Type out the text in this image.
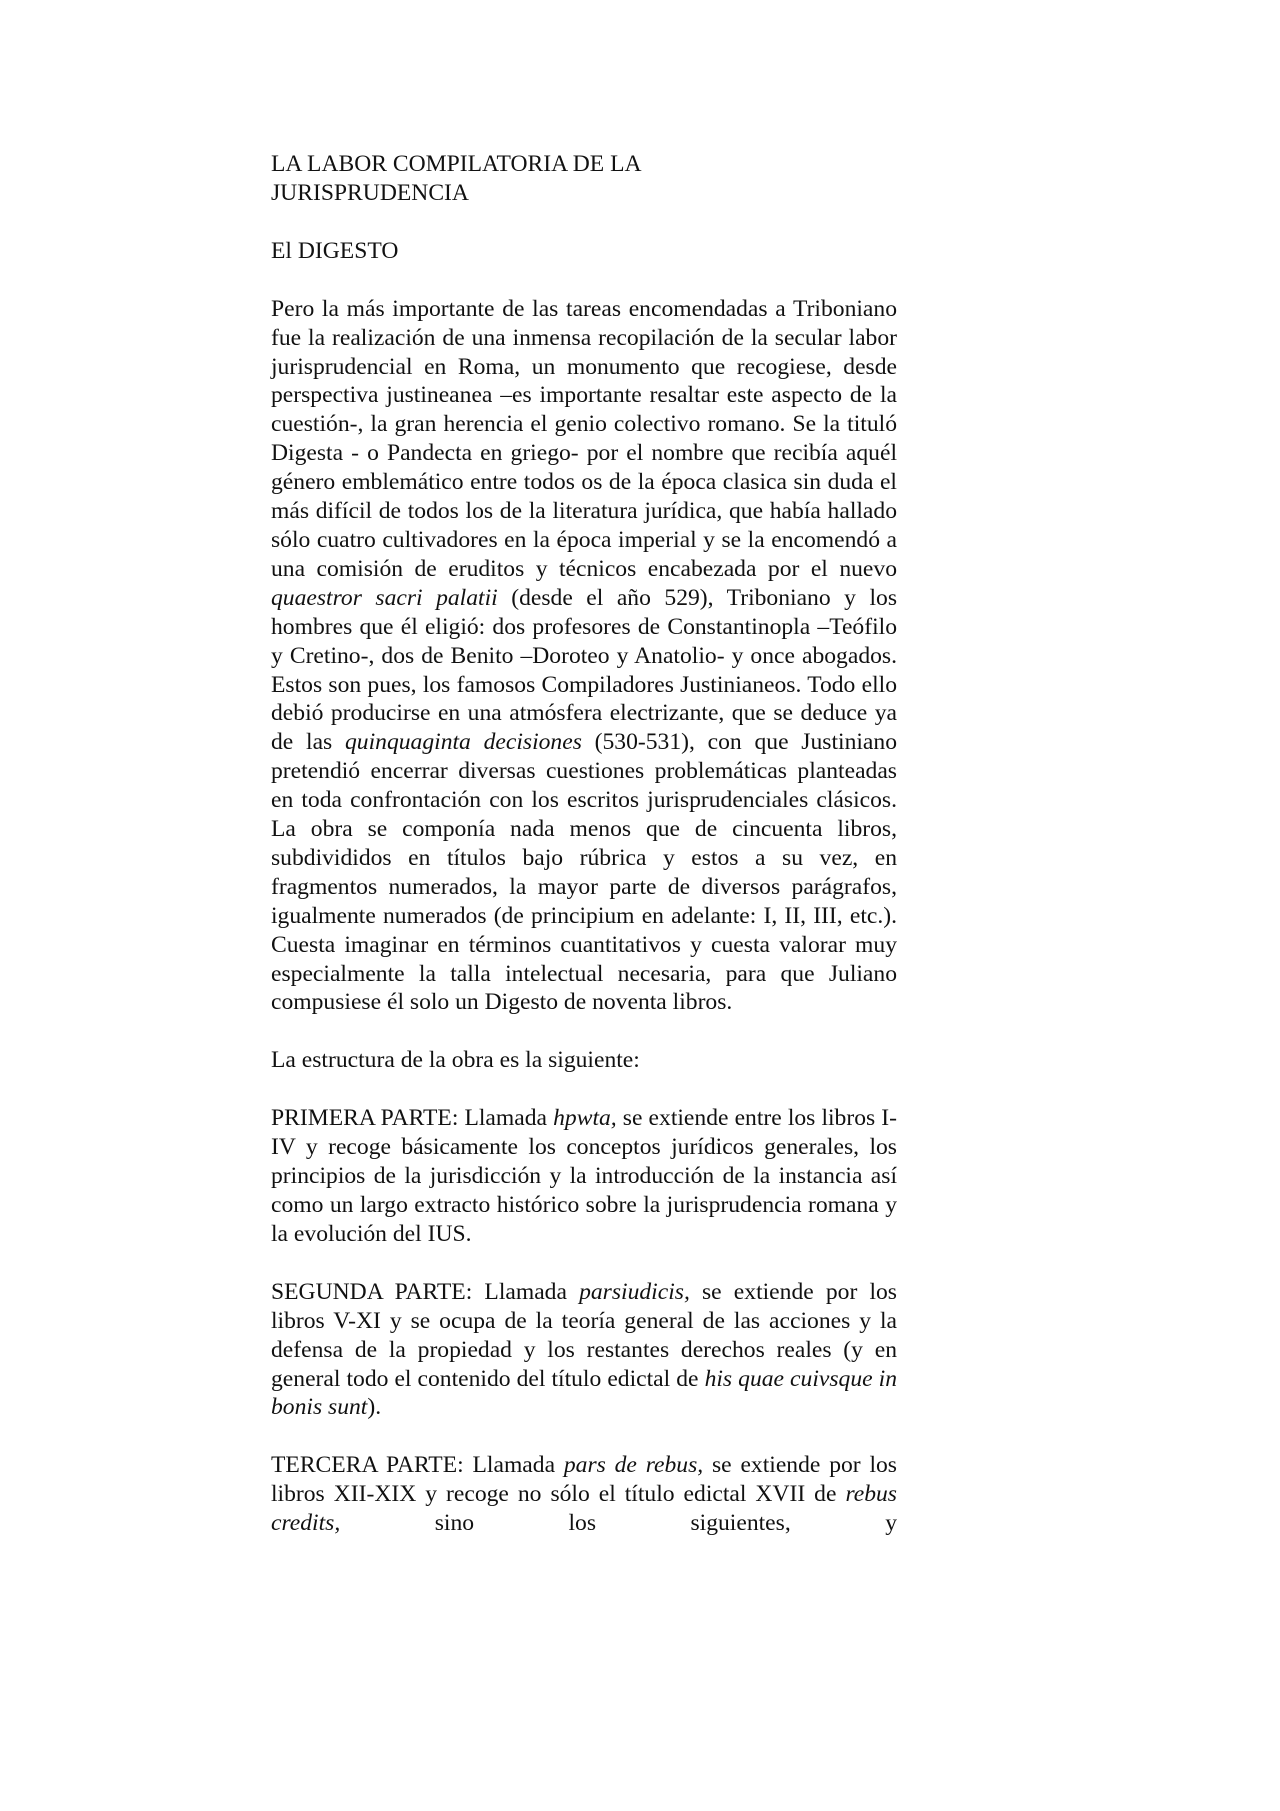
LA LABOR COMPILATORIA DE LA
JURISPRUDENCIA
El DIGESTO

Pero la más importante de las tareas encomendadas a Triboniano fue la realización de una inmensa recopilación de la secular labor jurisprudencial en Roma, un monumento que recogiese, desde perspectiva justineanea –es importante resaltar este aspecto de la cuestión-, la gran herencia el genio colectivo romano. Se la tituló Digesta - o Pandecta en griego- por el nombre que recibía aquél género emblemático entre todos os de la época clasica sin duda el más difícil de todos los de la literatura jurídica, que había hallado sólo cuatro cultivadores en la época imperial y se la encomendó a una comisión de eruditos y técnicos encabezada por el nuevo quaestror sacri palatii (desde el año 529), Triboniano y los hombres que él eligió: dos profesores de Constantinopla –Teófilo y Cretino-, dos de Benito –Doroteo y Anatolio- y once abogados. Estos son pues, los famosos Compiladores Justinianeos. Todo ello debió producirse en una atmósfera electrizante, que se deduce ya de las quinquaginta decisiones (530-531), con que Justiniano pretendió encerrar diversas cuestiones problemáticas planteadas en toda confrontación con los escritos jurisprudenciales clásicos. La obra se componía nada menos que de cincuenta libros, subdivididos en títulos bajo rúbrica y estos a su vez, en fragmentos numerados, la mayor parte de diversos parágrafos, igualmente numerados (de principium en adelante: I, II, III, etc.). Cuesta imaginar en términos cuantitativos y cuesta valorar muy especialmente la talla intelectual necesaria, para que Juliano compusiese él solo un Digesto de noventa libros.

La estructura de la obra es la siguiente:

PRIMERA PARTE: Llamada hpwta, se extiende entre los libros I-IV y recoge básicamente los conceptos jurídicos generales, los principios de la jurisdicción y la introducción de la instancia así como un largo extracto histórico sobre la jurisprudencia romana y la evolución del IUS.

SEGUNDA PARTE: Llamada parsiudicis, se extiende por los libros V-XI y se ocupa de la teoría general de las acciones y la defensa de la propiedad y los restantes derechos reales (y en general todo el contenido del título edictal de his quae cuivsque in bonis sunt).

TERCERA PARTE: Llamada pars de rebus, se extiende por los libros XII-XIX y recoge no sólo el título edictal XVII de rebus credits, sino los siguientes, y
